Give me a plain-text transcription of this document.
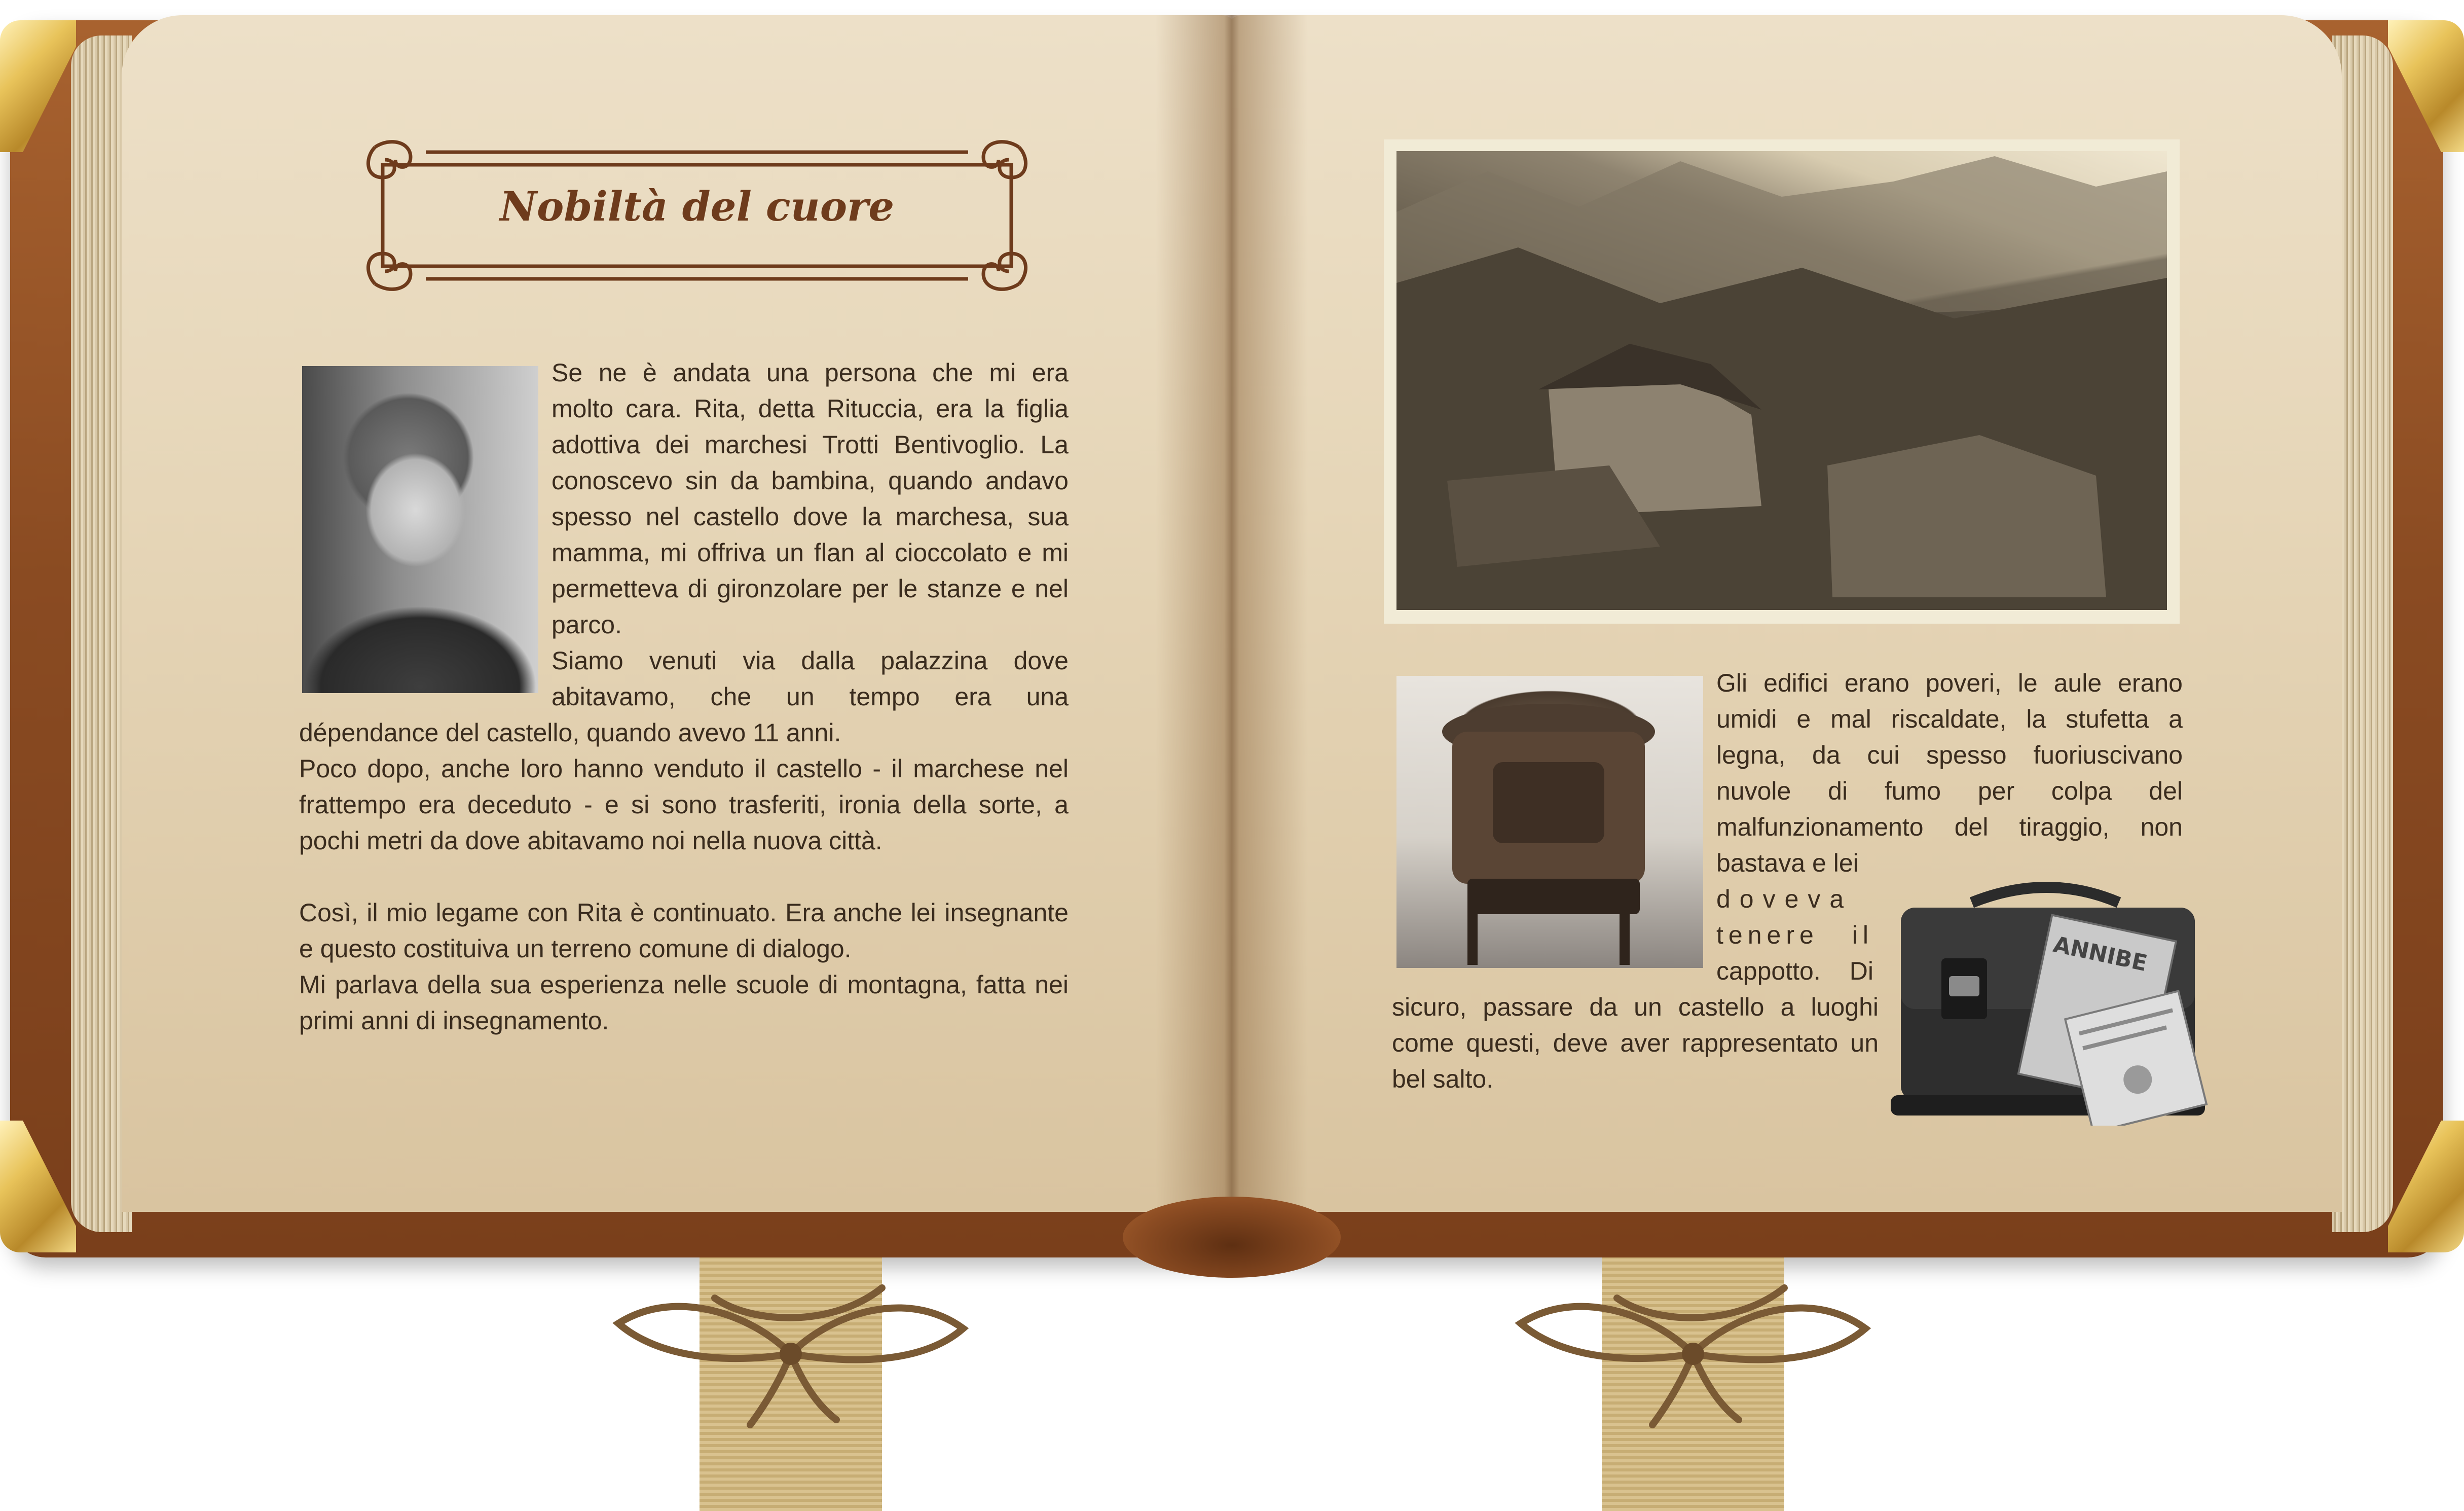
Nobiltà del cuore
Se ne è andata una persona che mi era
molto cara. Rita, detta Rituccia, era la figlia
adottiva dei marchesi Trotti Bentivoglio. La
conoscevo sin da bambina, quando andavo
spesso nel castello dove la marchesa, sua
mamma, mi offriva un flan al cioccolato e mi
permetteva di gironzolare per le stanze e nel
parco.
Siamo venuti via dalla palazzina dove
abitavamo, che un tempo era una
dépendance del castello, quando avevo 11 anni.
Poco dopo, anche loro hanno venduto il castello - il marchese nel
frattempo era deceduto - e si sono trasferiti, ironia della sorte, a
pochi metri da dove abitavamo noi nella nuova città.
Così, il mio legame con Rita è continuato. Era anche lei insegnante
e questo costituiva un terreno comune di dialogo.
Mi parlava della sua esperienza nelle scuole di montagna, fatta nei
primi anni di insegnamento.
Gli edifici erano poveri, le aule erano
umidi e mal riscaldate, la stufetta a
legna, da cui spesso fuoriuscivano
nuvole di fumo per colpa del
malfunzionamento del tiraggio, non
bastava e lei
doveva
tenere il
cappotto. Di
sicuro, passare da un castello a luoghi
come questi, deve aver rappresentato un
bel salto.
ANNIBE
